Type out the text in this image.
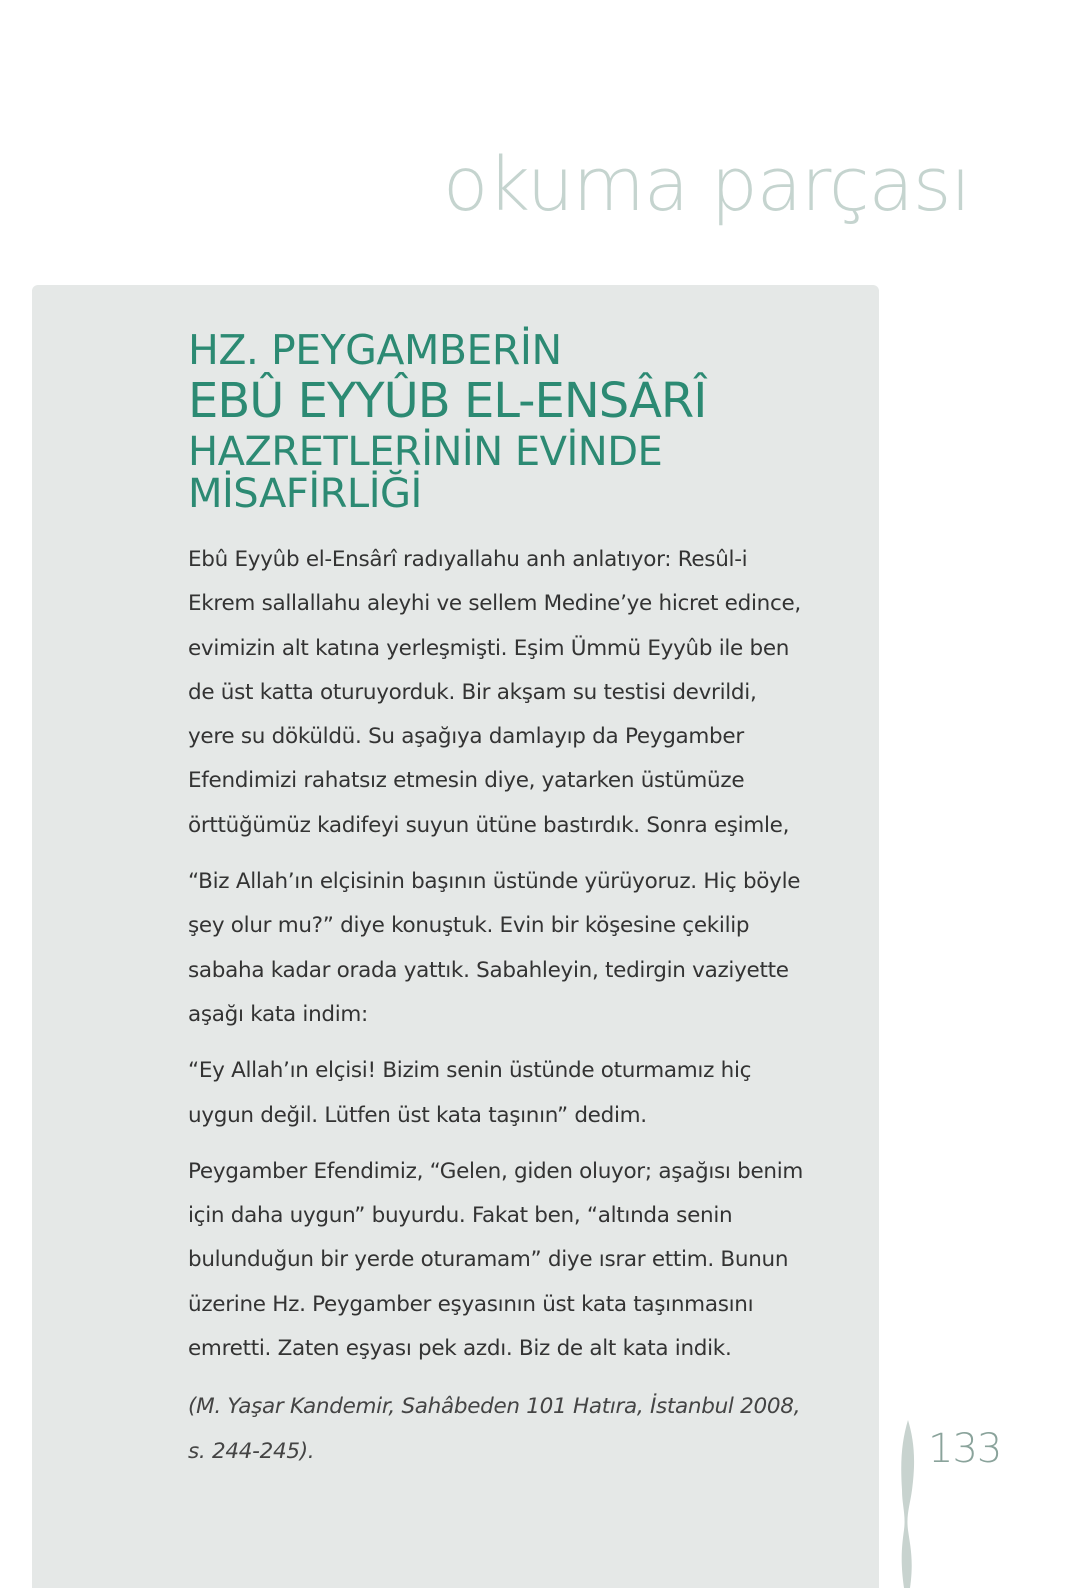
okuma parçası
HZ. PEYGAMBERİN
EBÛ EYYÛB EL-ENSÂRÎ
HAZRETLERİNİN EVİNDE MİSAFİRLİĞİ

Ebû Eyyûb el-Ensârî radıyallahu anh anlatıyor: Resûl-i Ekrem sallallahu aleyhi ve sellem Medine’ye hicret edince, evimizin alt katına yerleşmişti. Eşim Ümmü Eyyûb ile ben de üst katta oturuyorduk. Bir akşam su testisi devrildi, yere su döküldü. Su aşağıya damlayıp da Peygamber Efendimizi rahatsız etmesin diye, yatarken üstümüze örttüğümüz kadifeyi suyun ütüne bastırdık. Sonra eşimle,

“Biz Allah’ın elçisinin başının üstünde yürüyoruz. Hiç böyle şey olur mu?” diye konuştuk. Evin bir köşesine çekilip sabaha kadar orada yattık. Sabahleyin, tedirgin vaziyette aşağı kata indim:

“Ey Allah’ın elçisi! Bizim senin üstünde oturmamız hiç uygun değil. Lütfen üst kata taşının” dedim.

Peygamber Efendimiz, “Gelen, giden oluyor; aşağısı benim için daha uygun” buyurdu. Fakat ben, “altında senin bulunduğun bir yerde oturamam” diye ısrar ettim. Bunun üzerine Hz. Peygamber eşyasının üst kata taşınmasını emretti. Zaten eşyası pek azdı. Biz de alt kata indik.

(M. Yaşar Kandemir, Sahâbeden 101 Hatıra, İstanbul 2008, s. 244-245).	133
